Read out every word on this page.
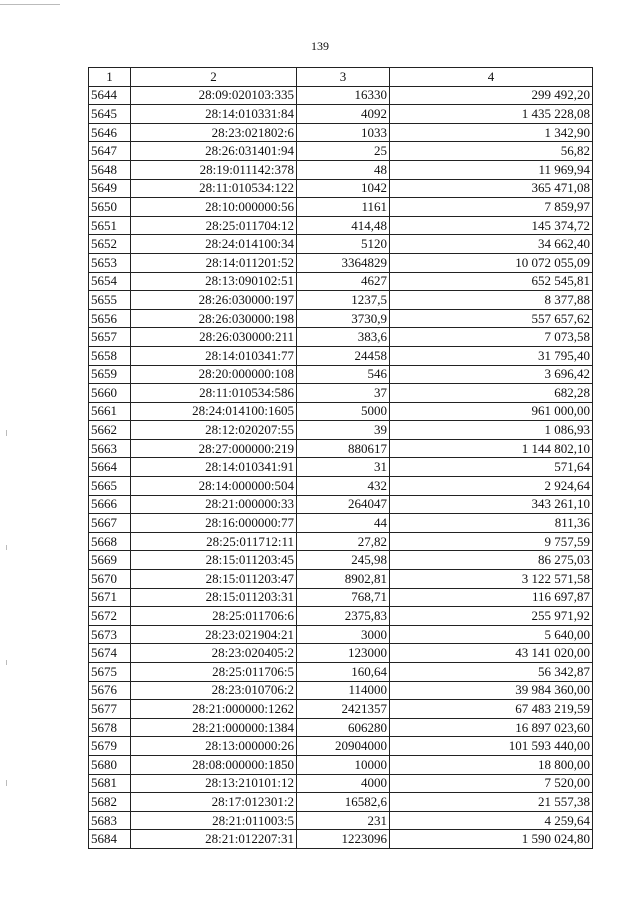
139
1	2	3	4
5644	28:09:020103:335	16330	299 492,20
5645	28:14:010331:84	4092	1 435 228,08
5646	28:23:021802:6	1033	1 342,90
5647	28:26:031401:94	25	56,82
5648	28:19:011142:378	48	11 969,94
5649	28:11:010534:122	1042	365 471,08
5650	28:10:000000:56	1161	7 859,97
5651	28:25:011704:12	414,48	145 374,72
5652	28:24:014100:34	5120	34 662,40
5653	28:14:011201:52	3364829	10 072 055,09
5654	28:13:090102:51	4627	652 545,81
5655	28:26:030000:197	1237,5	8 377,88
5656	28:26:030000:198	3730,9	557 657,62
5657	28:26:030000:211	383,6	7 073,58
5658	28:14:010341:77	24458	31 795,40
5659	28:20:000000:108	546	3 696,42
5660	28:11:010534:586	37	682,28
5661	28:24:014100:1605	5000	961 000,00
5662	28:12:020207:55	39	1 086,93
5663	28:27:000000:219	880617	1 144 802,10
5664	28:14:010341:91	31	571,64
5665	28:14:000000:504	432	2 924,64
5666	28:21:000000:33	264047	343 261,10
5667	28:16:000000:77	44	811,36
5668	28:25:011712:11	27,82	9 757,59
5669	28:15:011203:45	245,98	86 275,03
5670	28:15:011203:47	8902,81	3 122 571,58
5671	28:15:011203:31	768,71	116 697,87
5672	28:25:011706:6	2375,83	255 971,92
5673	28:23:021904:21	3000	5 640,00
5674	28:23:020405:2	123000	43 141 020,00
5675	28:25:011706:5	160,64	56 342,87
5676	28:23:010706:2	114000	39 984 360,00
5677	28:21:000000:1262	2421357	67 483 219,59
5678	28:21:000000:1384	606280	16 897 023,60
5679	28:13:000000:26	20904000	101 593 440,00
5680	28:08:000000:1850	10000	18 800,00
5681	28:13:210101:12	4000	7 520,00
5682	28:17:012301:2	16582,6	21 557,38
5683	28:21:011003:5	231	4 259,64
5684	28:21:012207:31	1223096	1 590 024,80
